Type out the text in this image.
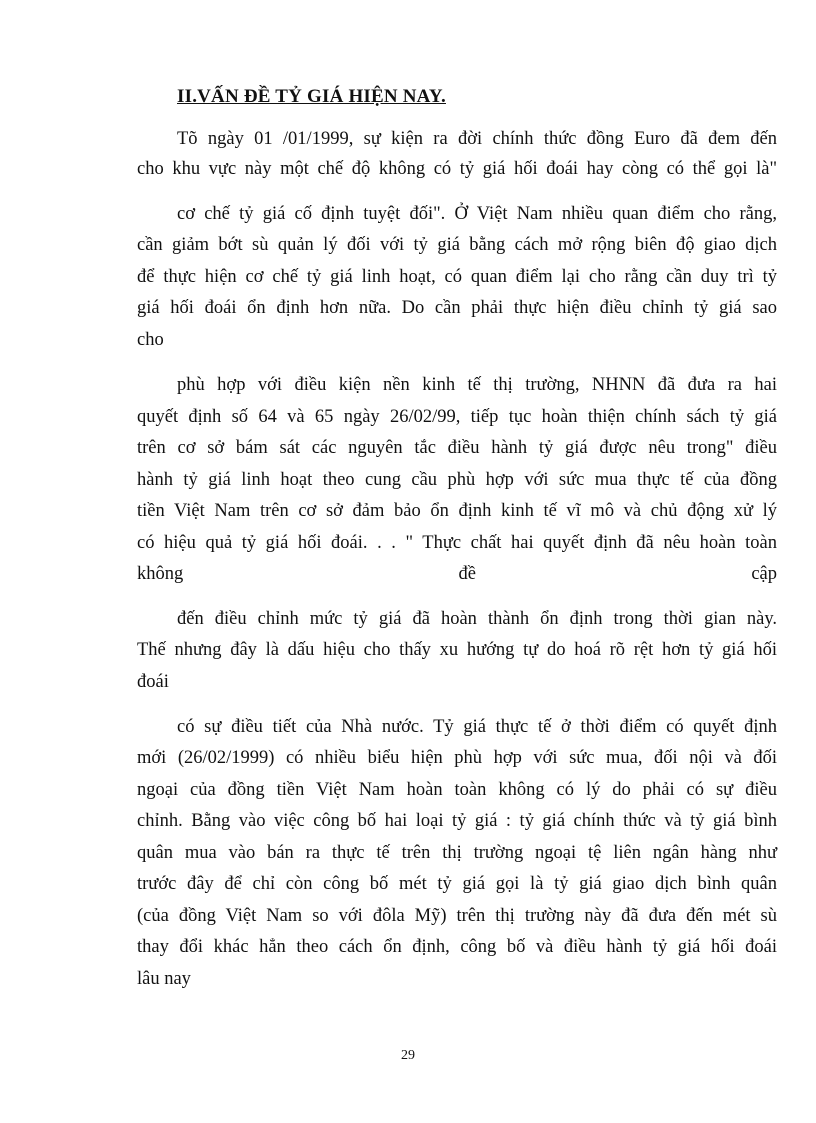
II.VẤN ĐỀ TỶ GIÁ HIỆN NAY.

Tõ ngày 01 /01/1999, sự kiện ra đời chính thức đồng Euro đã đem đến

cho khu vực này một chế độ không có tỷ giá hối đoái hay còng có thể gọi là"

cơ chế tỷ giá cố định tuyệt đối". Ở Việt Nam nhiều quan điểm cho rằng,

cần giảm bớt sù quản lý đối với tỷ giá bằng cách mở rộng biên độ giao dịch

để thực hiện cơ chế tỷ giá linh hoạt, có quan điểm lại cho rằng cần duy trì tỷ

giá hối đoái ổn định hơn nữa. Do cần phải thực hiện điều chỉnh tỷ giá sao

cho

phù hợp với điều kiện nền kinh tế thị trường, NHNN đã đưa ra hai

quyết định số 64 và 65 ngày 26/02/99, tiếp tục hoàn thiện chính sách tỷ giá

trên cơ sở bám sát các nguyên tắc điều hành tỷ giá được nêu trong" điều

hành tỷ giá linh hoạt theo cung cầu phù hợp với sức mua thực tế của đồng

tiền Việt Nam trên cơ sở đảm bảo ổn định kinh tế vĩ mô và chủ động xử lý

có hiệu quả tỷ giá hối đoái. . . " Thực chất hai quyết định đã nêu hoàn toàn

không đề cập

đến điều chỉnh mức tỷ giá đã hoàn thành ổn định trong thời gian này.

Thế nhưng đây là dấu hiệu cho thấy xu hướng tự do hoá rõ rệt hơn tỷ giá hối

đoái

có sự điều tiết của Nhà nước. Tỷ giá thực tế ở thời điểm có quyết định

mới (26/02/1999) có nhiều biểu hiện phù hợp với sức mua, đối nội và đối

ngoại của đồng tiền Việt Nam hoàn toàn không có lý do phải có sự điều

chỉnh. Bằng vào việc công bố hai loại tỷ giá : tỷ giá chính thức và tỷ giá bình

quân mua vào bán ra thực tế trên thị trường ngoại tệ liên ngân hàng như

trước đây để chỉ còn công bố mét tỷ giá gọi là tỷ giá giao dịch bình quân

(của đồng Việt Nam so với đôla Mỹ) trên thị trường này đã đưa đến mét sù

thay đổi khác hẳn theo cách ổn định, công bố và điều hành tỷ giá hối đoái

lâu nay

29
